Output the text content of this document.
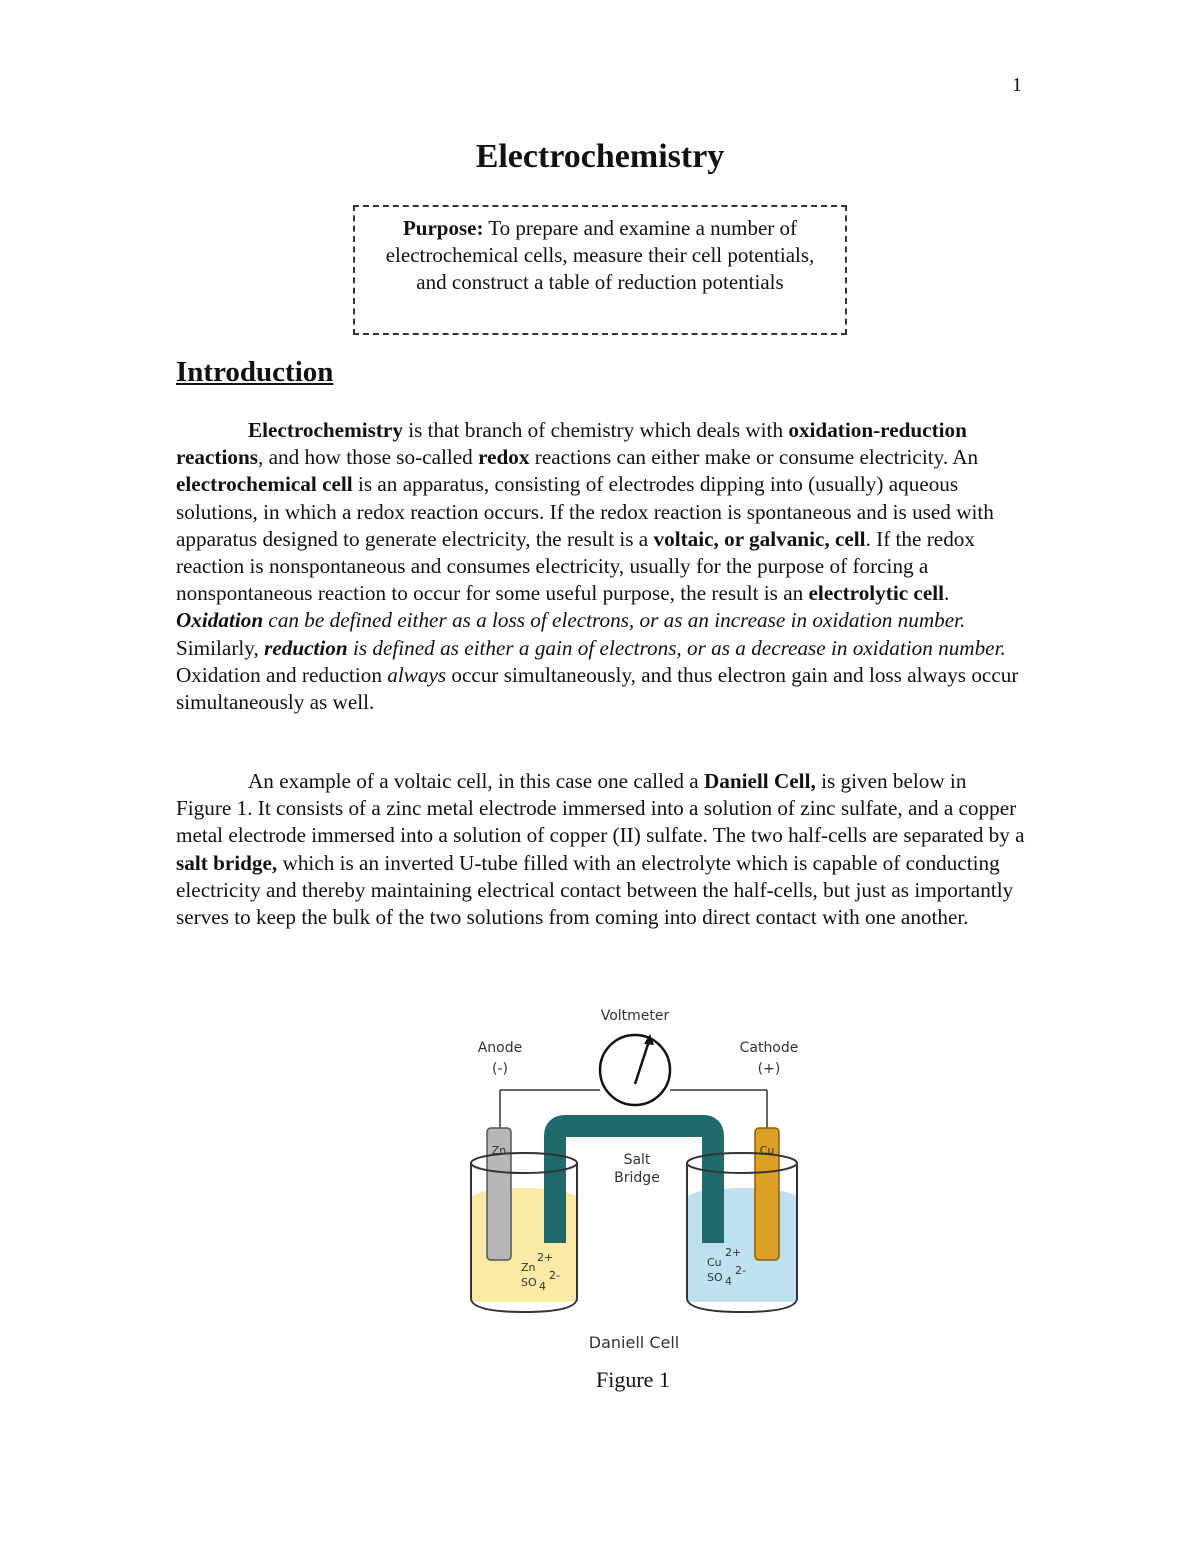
1
Electrochemistry
Purpose: To prepare and examine a number of electrochemical cells, measure their cell potentials, and construct a table of reduction potentials
Introduction

Electrochemistry is that branch of chemistry which deals with oxidation-reduction reactions, and how those so-called redox reactions can either make or consume electricity. An electrochemical cell is an apparatus, consisting of electrodes dipping into (usually) aqueous solutions, in which a redox reaction occurs. If the redox reaction is spontaneous and is used with apparatus designed to generate electricity, the result is a voltaic, or galvanic, cell. If the redox reaction is nonspontaneous and consumes electricity, usually for the purpose of forcing a nonspontaneous reaction to occur for some useful purpose, the result is an electrolytic cell. Oxidation can be defined either as a loss of electrons, or as an increase in oxidation number. Similarly, reduction is defined as either a gain of electrons, or as a decrease in oxidation number. Oxidation and reduction always occur simultaneously, and thus electron gain and loss always occur simultaneously as well.

An example of a voltaic cell, in this case one called a Daniell Cell, is given below in Figure 1. It consists of a zinc metal electrode immersed into a solution of zinc sulfate, and a copper metal electrode immersed into a solution of copper (II) sulfate. The two half-cells are separated by a salt bridge, which is an inverted U-tube filled with an electrolyte which is capable of conducting electricity and thereby maintaining electrical contact between the half-cells, but just as importantly serves to keep the bulk of the two solutions from coming into direct contact with one another.

Voltmeter
Anode
(-)
Cathode
(+)
Zn	Cu
Salt
Bridge
Zn
2+
SO 4
2-
Cu
2+
SO 4
2-
Daniell Cell
Figure 1
